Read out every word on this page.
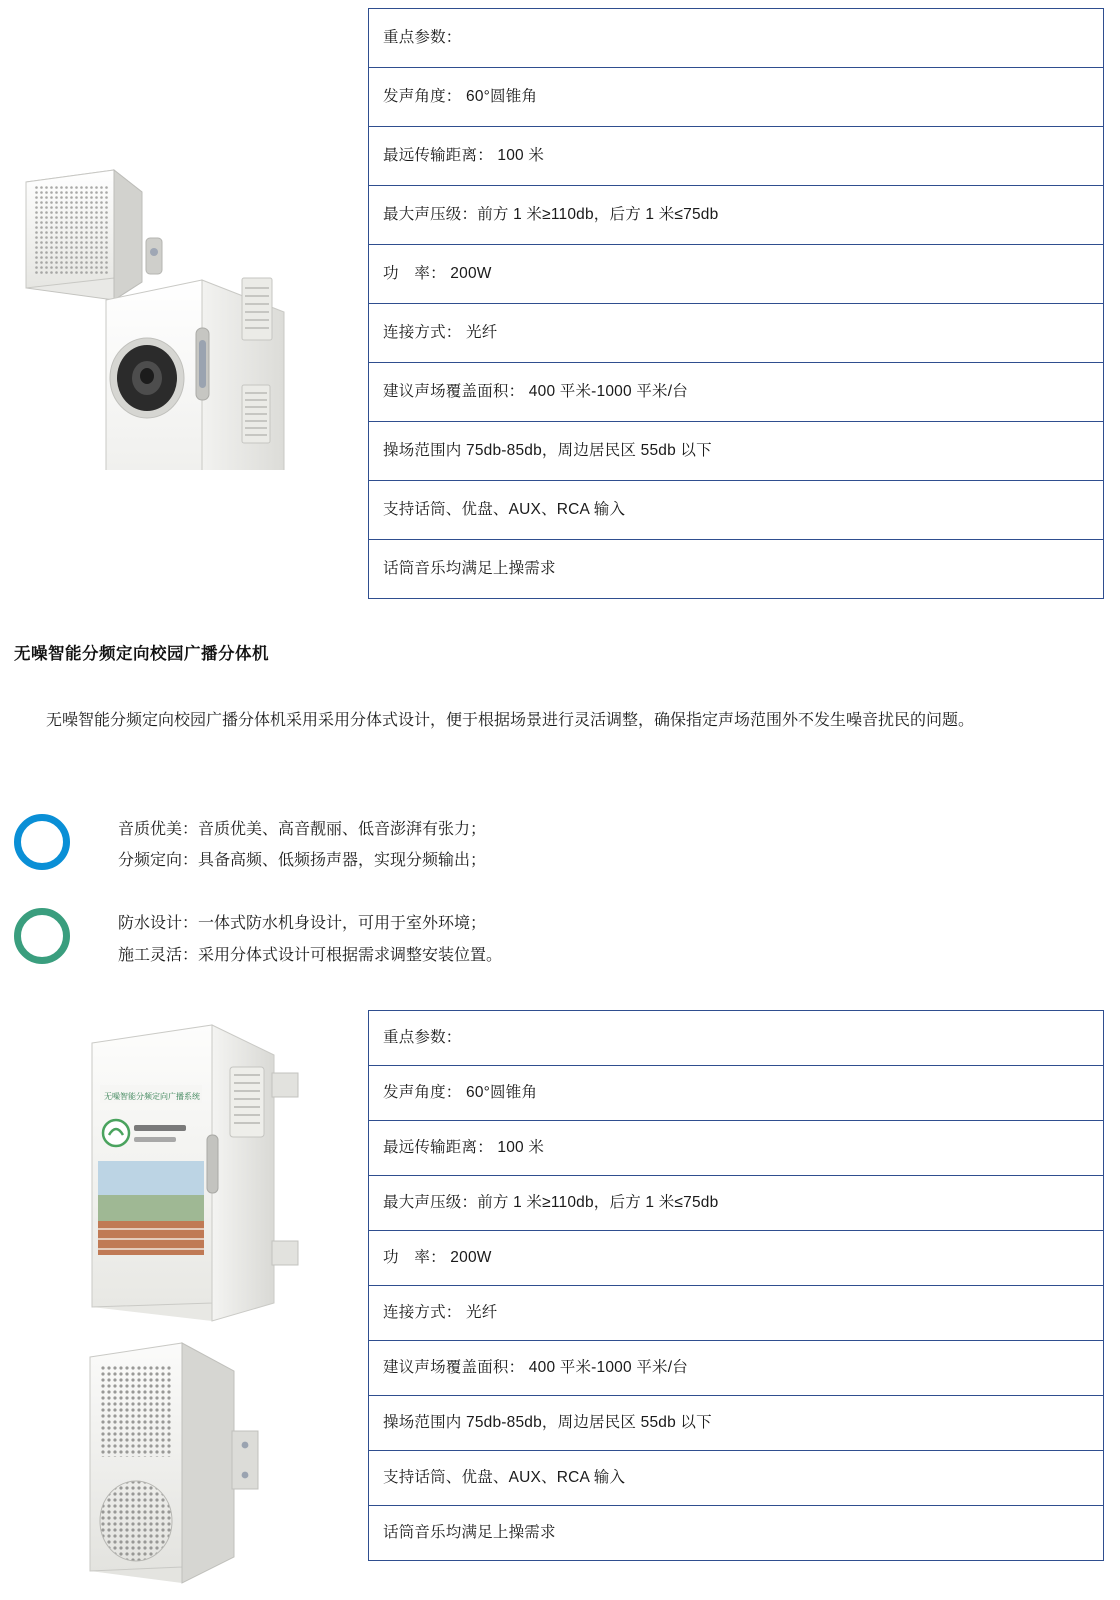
重点参数：
发声角度： 60°圆锥角
最远传输距离： 100 米
最大声压级：前方 1 米≥110db，后方 1 米≤75db
功　率： 200W
连接方式： 光纤
建议声场覆盖面积： 400 平米-1000 平米/台
操场范围内 75db-85db，周边居民区 55db 以下
支持话筒、优盘、AUX、RCA 输入
话筒音乐均满足上操需求
无噪智能分频定向校园广播分体机
无噪智能分频定向校园广播分体机采用采用分体式设计，便于根据场景进行灵活调整，确保指定声场范围外不发生噪音扰民的问题。
音质优美：音质优美、高音靓丽、低音澎湃有张力；
分频定向：具备高频、低频扬声器，实现分频输出；
防水设计：一体式防水机身设计，可用于室外环境；
施工灵活：采用分体式设计可根据需求调整安装位置。
无噪智能分频定向广播系统
重点参数：
发声角度： 60°圆锥角
最远传输距离： 100 米
最大声压级：前方 1 米≥110db，后方 1 米≤75db
功　率： 200W
连接方式： 光纤
建议声场覆盖面积： 400 平米-1000 平米/台
操场范围内 75db-85db，周边居民区 55db 以下
支持话筒、优盘、AUX、RCA 输入
话筒音乐均满足上操需求
